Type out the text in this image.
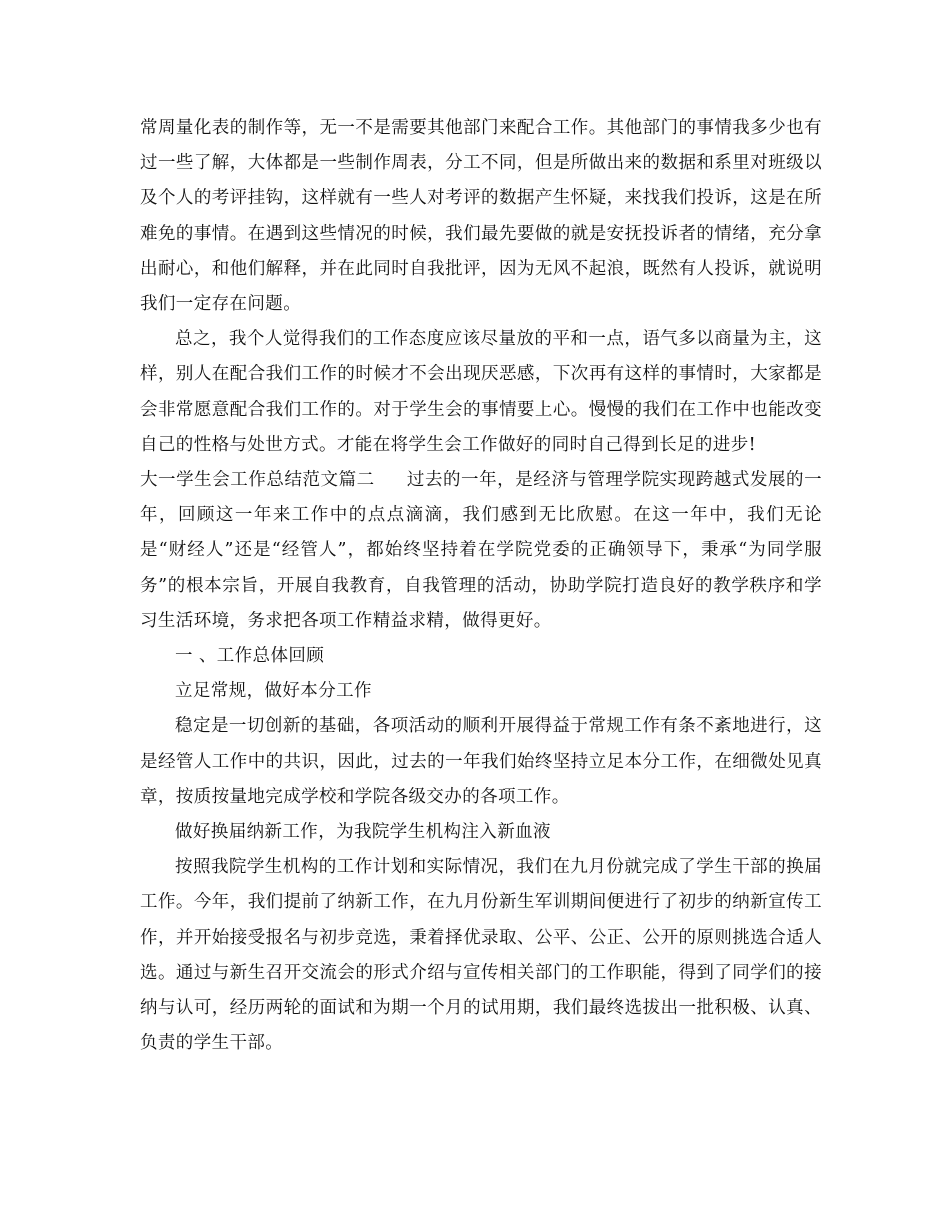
常周量化表的制作等，无一不是需要其他部门来配合工作。其他部门的事情我多少也有过一些了解，大体都是一些制作周表，分工不同，但是所做出来的数据和系里对班级以及个人的考评挂钩，这样就有一些人对考评的数据产生怀疑，来找我们投诉，这是在所难免的事情。在遇到这些情况的时候，我们最先要做的就是安抚投诉者的情绪，充分拿出耐心，和他们解释，并在此同时自我批评，因为无风不起浪，既然有人投诉，就说明我们一定存在问题。

总之，我个人觉得我们的工作态度应该尽量放的平和一点，语气多以商量为主，这样，别人在配合我们工作的时候才不会出现厌恶感，下次再有这样的事情时，大家都是会非常愿意配合我们工作的。对于学生会的事情要上心。慢慢的我们在工作中也能改变自己的性格与处世方式。才能在将学生会工作做好的同时自己得到长足的进步!

大一学生会工作总结范文篇二 过去的一年，是经济与管理学院实现跨越式发展的一年，回顾这一年来工作中的点点滴滴，我们感到无比欣慰。在这一年中，我们无论是“财经人”还是“经管人”，都始终坚持着在学院党委的正确领导下，秉承“为同学服务”的根本宗旨，开展自我教育，自我管理的活动，协助学院打造良好的教学秩序和学习生活环境，务求把各项工作精益求精，做得更好。

一 、工作总体回顾

立足常规，做好本分工作

稳定是一切创新的基础，各项活动的顺利开展得益于常规工作有条不紊地进行，这是经管人工作中的共识，因此，过去的一年我们始终坚持立足本分工作，在细微处见真章，按质按量地完成学校和学院各级交办的各项工作。

做好换届纳新工作，为我院学生机构注入新血液

按照我院学生机构的工作计划和实际情况，我们在九月份就完成了学生干部的换届工作。今年，我们提前了纳新工作，在九月份新生军训期间便进行了初步的纳新宣传工作，并开始接受报名与初步竞选，秉着择优录取、公平、公正、公开的原则挑选合适人选。通过与新生召开交流会的形式介绍与宣传相关部门的工作职能，得到了同学们的接纳与认可，经历两轮的面试和为期一个月的试用期，我们最终选拔出一批积极、认真、负责的学生干部。
